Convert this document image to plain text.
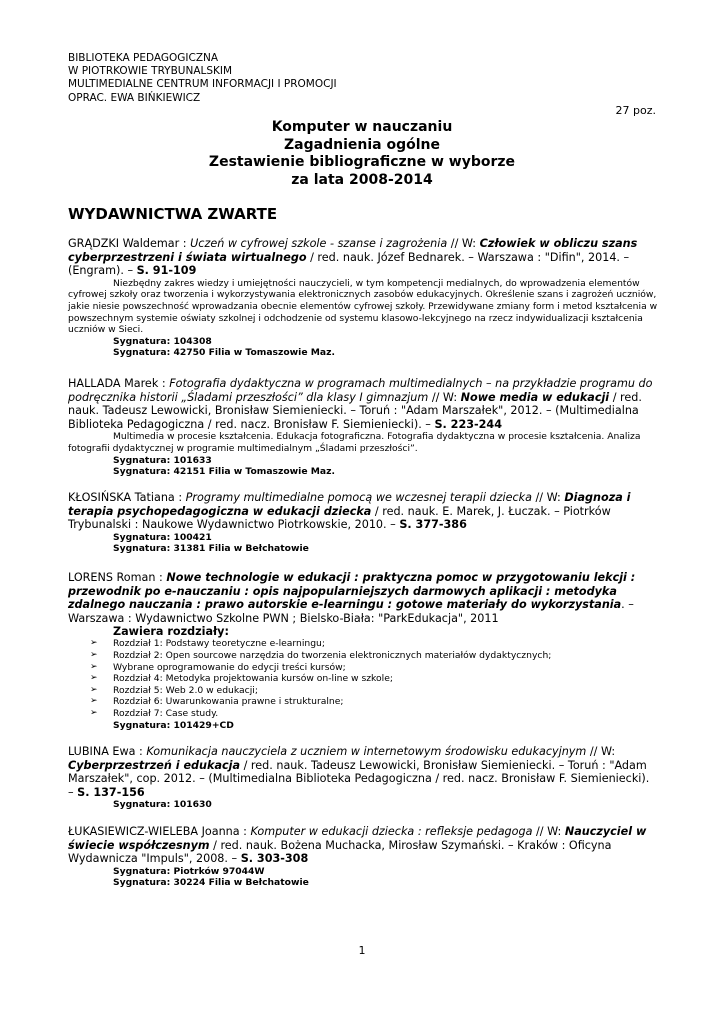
BIBLIOTEKA PEDAGOGICZNA
W PIOTRKOWIE TRYBUNALSKIM
MULTIMEDIALNE CENTRUM INFORMACJI I PROMOCJI
OPRAC. EWA BIŃKIEWICZ
27 poz.
Komputer w nauczaniu
Zagadnienia ogólne
Zestawienie bibliograficzne w wyborze
za lata 2008-2014
WYDAWNICTWA ZWARTE

GRĄDZKI Waldemar : Uczeń w cyfrowej szkole - szanse i zagrożenia // W: Człowiek w obliczu szans cyberprzestrzeni i świata wirtualnego / red. nauk. Józef Bednarek. – Warszawa : "Difin", 2014. – (Engram). – S. 91-109

Niezbędny zakres wiedzy i umiejętności nauczycieli, w tym kompetencji medialnych, do wprowadzenia elementów cyfrowej szkoły oraz tworzenia i wykorzystywania elektronicznych zasobów edukacyjnych. Określenie szans i zagrożeń uczniów, jakie niesie powszechność wprowadzania obecnie elementów cyfrowej szkoły. Przewidywane zmiany form i metod kształcenia w powszechnym systemie oświaty szkolnej i odchodzenie od systemu klasowo-lekcyjnego na rzecz indywidualizacji kształcenia uczniów w Sieci.

Sygnatura: 104308
Sygnatura: 42750 Filia w Tomaszowie Maz.

HALLADA Marek : Fotografia dydaktyczna w programach multimedialnych – na przykładzie programu do podręcznika historii „Śladami przeszłości” dla klasy I gimnazjum // W: Nowe media w edukacji / red. nauk. Tadeusz Lewowicki, Bronisław Siemieniecki. – Toruń : "Adam Marszałek", 2012. – (Multimedialna Biblioteka Pedagogiczna / red. nacz. Bronisław F. Siemieniecki). – S. 223-244

Multimedia w procesie kształcenia. Edukacja fotograficzna. Fotografia dydaktyczna w procesie kształcenia. Analiza fotografii dydaktycznej w programie multimedialnym „Śladami przeszłości”.

Sygnatura: 101633
Sygnatura: 42151 Filia w Tomaszowie Maz.

KŁOSIŃSKA Tatiana : Programy multimedialne pomocą we wczesnej terapii dziecka // W: Diagnoza i terapia psychopedagogiczna w edukacji dziecka / red. nauk. E. Marek, J. Łuczak. – Piotrków Trybunalski : Naukowe Wydawnictwo Piotrkowskie, 2010. – S. 377-386

Sygnatura: 100421
Sygnatura: 31381 Filia w Bełchatowie

LORENS Roman : Nowe technologie w edukacji : praktyczna pomoc w przygotowaniu lekcji : przewodnik po e-nauczaniu : opis najpopularniejszych darmowych aplikacji : metodyka zdalnego nauczania : prawo autorskie e-learningu : gotowe materiały do wykorzystania. – Warszawa : Wydawnictwo Szkolne PWN ; Bielsko-Biała: "ParkEdukacja", 2011

Zawiera rozdziały:
➢ Rozdział 1: Podstawy teoretyczne e-learningu;
➢ Rozdział 2: Open sourcowe narzędzia do tworzenia elektronicznych materiałów dydaktycznych;
➢ Wybrane oprogramowanie do edycji treści kursów;
➢ Rozdział 4: Metodyka projektowania kursów on-line w szkole;
➢ Rozdział 5: Web 2.0 w edukacji;
➢ Rozdział 6: Uwarunkowania prawne i strukturalne;
➢ Rozdział 7: Case study.
Sygnatura: 101429+CD

LUBINA Ewa : Komunikacja nauczyciela z uczniem w internetowym środowisku edukacyjnym // W: Cyberprzestrzeń i edukacja / red. nauk. Tadeusz Lewowicki, Bronisław Siemieniecki. – Toruń : "Adam Marszałek", cop. 2012. – (Multimedialna Biblioteka Pedagogiczna / red. nacz. Bronisław F. Siemieniecki). – S. 137-156

Sygnatura: 101630

ŁUKASIEWICZ-WIELEBA Joanna : Komputer w edukacji dziecka : refleksje pedagoga // W: Nauczyciel w świecie współczesnym / red. nauk. Bożena Muchacka, Mirosław Szymański. – Kraków : Oficyna Wydawnicza "Impuls", 2008. – S. 303-308

Sygnatura: Piotrków 97044W
Sygnatura: 30224 Filia w Bełchatowie
1
